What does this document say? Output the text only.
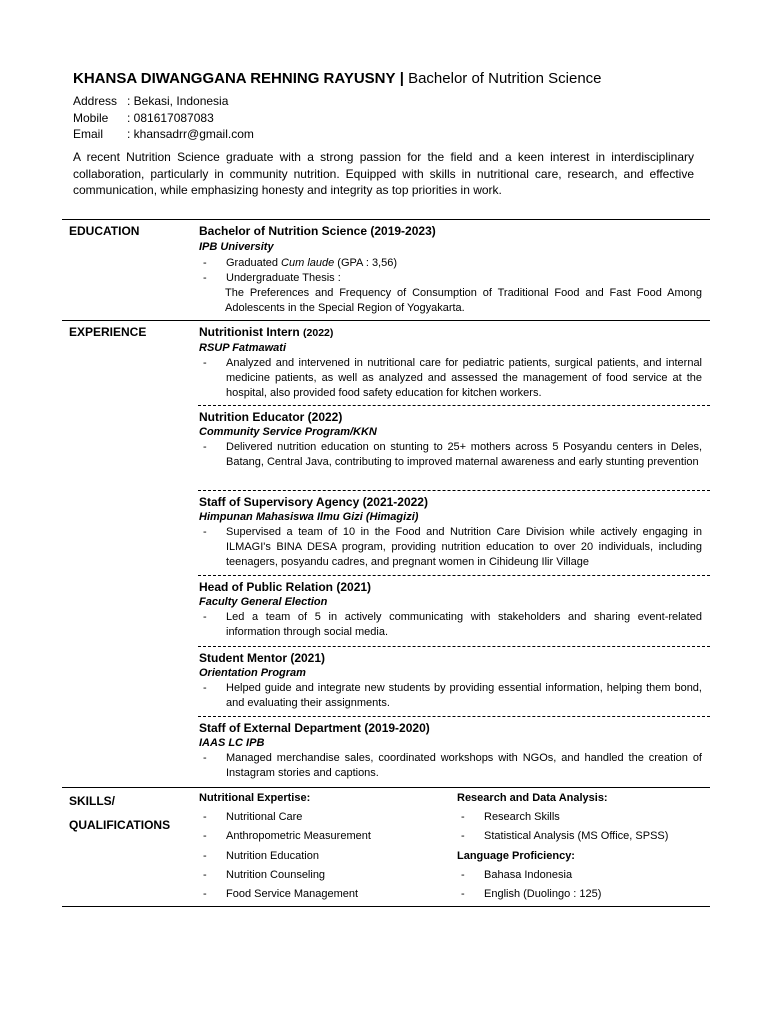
KHANSA DIWANGGANA REHNING RAYUSNY | Bachelor of Nutrition Science
Address : Bekasi, Indonesia
Mobile	: 081617087083
Email	: khansadrr@gmail.com
A recent Nutrition Science graduate with a strong passion for the field and a keen interest in interdisciplinary collaboration, particularly in community nutrition. Equipped with skills in nutritional care, research, and effective communication, while emphasizing honesty and integrity as top priorities in work.
EDUCATION	Bachelor of Nutrition Science (2019-2023)
IPB University
- Graduated Cum laude (GPA : 3,56)
- Undergraduate Thesis :
The Preferences and Frequency of Consumption of Traditional Food and Fast Food Among Adolescents in the Special Region of Yogyakarta.
EXPERIENCE	Nutritionist Intern (2022)
RSUP Fatmawati
- Analyzed and intervened in nutritional care for pediatric patients, surgical patients, and internal medicine patients, as well as analyzed and assessed the management of food service at the hospital, also provided food safety education for kitchen workers.
Nutrition Educator (2022)
Community Service Program/KKN
- Delivered nutrition education on stunting to 25+ mothers across 5 Posyandu centers in Deles, Batang, Central Java, contributing to improved maternal awareness and early stunting prevention
Staff of Supervisory Agency (2021-2022)
Himpunan Mahasiswa Ilmu Gizi (Himagizi)
- Supervised a team of 10 in the Food and Nutrition Care Division while actively engaging in ILMAGI's BINA DESA program, providing nutrition education to over 20 individuals, including teenagers, posyandu cadres, and pregnant women in Cihideung Ilir Village
Head of Public Relation (2021)
Faculty General Election
- Led a team of 5 in actively communicating with stakeholders and sharing event-related information through social media.
Student Mentor (2021)
Orientation Program
- Helped guide and integrate new students by providing essential information, helping them bond, and evaluating their assignments.
Staff of External Department (2019-2020)
IAAS LC IPB
- Managed merchandise sales, coordinated workshops with NGOs, and handled the creation of Instagram stories and captions.
SKILLS/
QUALIFICATIONS
Nutritional Expertise:
- Nutritional Care
- Anthropometric Measurement
- Nutrition Education
- Nutrition Counseling
- Food Service Management
Research and Data Analysis:
- Research Skills
- Statistical Analysis (MS Office, SPSS)
Language Proficiency:
- Bahasa Indonesia
- English (Duolingo : 125)
